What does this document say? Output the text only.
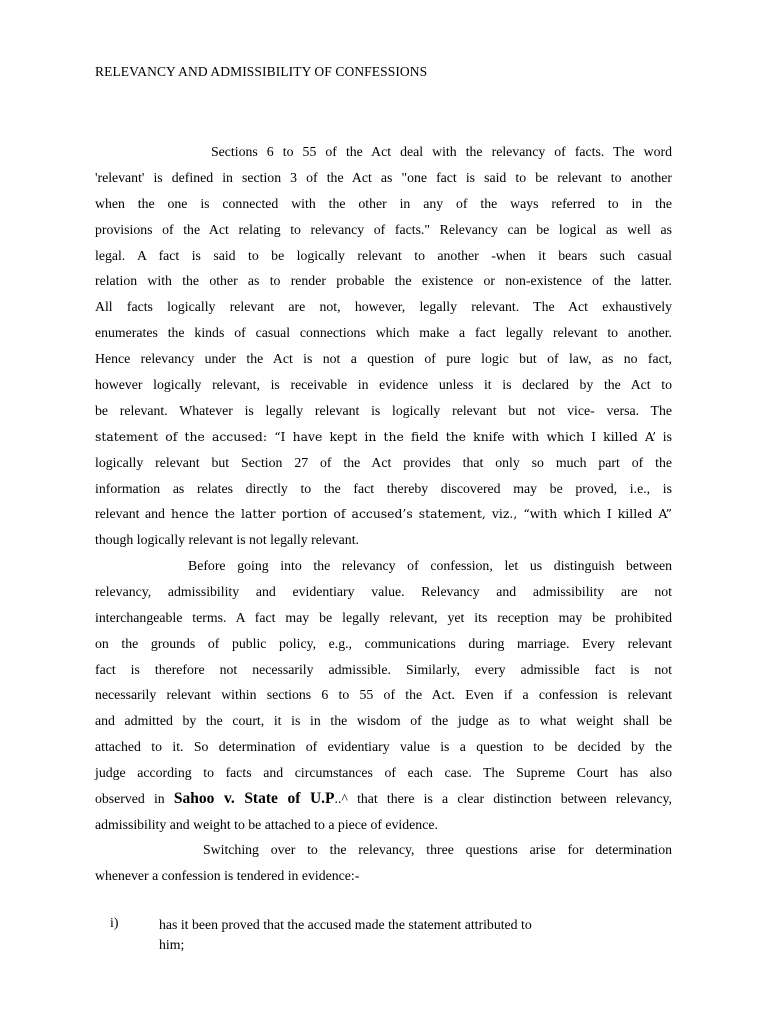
RELEVANCY AND ADMISSIBILITY OF CONFESSIONS
Sections 6 to 55 of the Act deal with the relevancy of facts. The word
'relevant' is defined in section 3 of the Act as "one fact is said to be relevant to another
when the one is connected with the other in any of the ways referred to in the
provisions of the Act relating to relevancy of facts." Relevancy can be logical as well as
legal. A fact is said to be logically relevant to another -when it bears such casual
relation with the other as to render probable the existence or non-existence of the latter.
All facts logically relevant are not, however, legally relevant. The Act exhaustively
enumerates the kinds of casual connections which make a fact legally relevant to another.
Hence relevancy under the Act is not a question of pure logic but of law, as no fact,
however logically relevant, is receivable in evidence unless it is declared by the Act to
be relevant. Whatever is legally relevant is logically relevant but not vice- versa. The
statement of the accused: “I have kept in the field the knife with which I killed A’ is
logically relevant but Section 27 of the Act provides that only so much part of the
information as relates directly to the fact thereby discovered may be proved, i.e., is
relevant and hence the latter portion of accused’s statement, viz., “with which I killed A”
though logically relevant is not legally relevant.
Before going into the relevancy of confession, let us distinguish between
relevancy, admissibility and evidentiary value. Relevancy and admissibility are not
interchangeable terms. A fact may be legally relevant, yet its reception may be prohibited
on the grounds of public policy, e.g., communications during marriage. Every relevant
fact is therefore not necessarily admissible. Similarly, every admissible fact is not
necessarily relevant within sections 6 to 55 of the Act. Even if a confession is relevant
and admitted by the court, it is in the wisdom of the judge as to what weight shall be
attached to it. So determination of evidentiary value is a question to be decided by the
judge according to facts and circumstances of each case. The Supreme Court has also
observed in Sahoo v. State of U.P..^ that there is a clear distinction between relevancy,
admissibility and weight to be attached to a piece of evidence.
Switching over to the relevancy, three questions arise for determination
whenever a confession is tendered in evidence:-
i)	has it been proved that the accused made the statement attributed to
him;
